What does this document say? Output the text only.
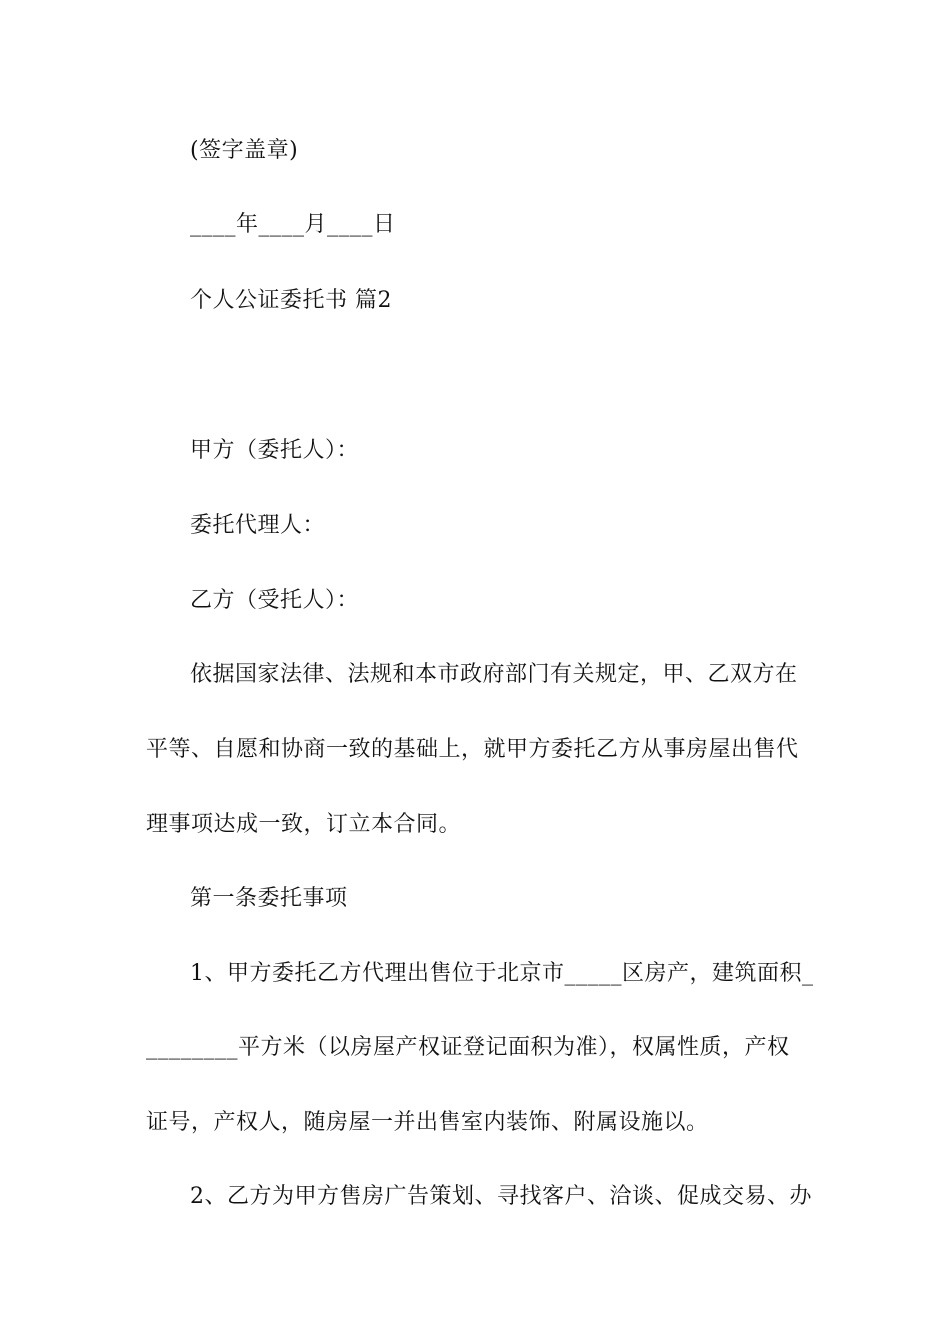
(签字盖章)
____年____月____日
个人公证委托书 篇2
甲方（委托人）：
委托代理人：
乙方（受托人）：
依据国家法律、法规和本市政府部门有关规定，甲、乙双方在
平等、自愿和协商一致的基础上，就甲方委托乙方从事房屋出售代
理事项达成一致，订立本合同。
第一条委托事项
1、甲方委托乙方代理出售位于北京市_____区房产，建筑面积_
________平方米（以房屋产权证登记面积为准），权属性质，产权
证号，产权人，随房屋一并出售室内装饰、附属设施以。
2、乙方为甲方售房广告策划、寻找客户、洽谈、促成交易、办
